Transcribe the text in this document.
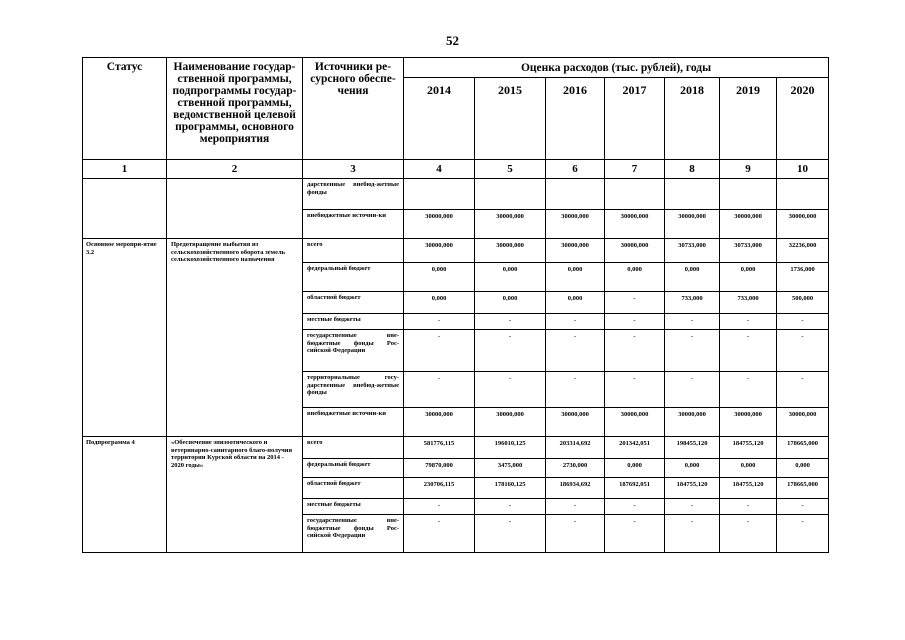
52
Статус	Наименование государ-ственной программы, подпрограммы государ-ственной программы, ведомственной целевой программы, основного мероприятия	Источники ре-сурсного обеспе-чения	Оценка расходов (тыс. рублей), годы						
			2014	2015	2016	2017	2018	2019	2020
1	2	3	4	5	6	7	8	9	10
		дарственные внебюд-жетные фонды							
		внебюджетные источни-ки	30000,000	30000,000	30000,000	30000,000	30000,000	30000,000	30000,000
Основное меропри-ятие 3.2	Предотвращение выбытия из сельскохозяйственного оборота земель сельскохозяйственного назначения	всего	30000,000	30000,000	30000,000	30000,000	30733,000	30733,000	32236,000
		федеральный бюджет	0,000	0,000	0,000	0,000	0,000	0,000	1736,000
		областной бюджет	0,000	0,000	0,000	-	733,000	733,000	500,000
		местные бюджеты	-	-	-	-	-	-	-
		государственные вне-бюджетные фонды Рос-сийской Федерации	-	-	-	-	-	-	-
		территориальные госу-дарственные внебюд-жетные фонды	-	-	-	-	-	-	-
		внебюджетные источни-ки	30000,000	30000,000	30000,000	30000,000	30000,000	30000,000	30000,000
Подпрограмма 4	«Обеспечение эпизоотического и ветеринарно-санитарного благо-получия территории Курской области на 2014 - 2020 годы»	всего	581776,115	196010,125	203314,692	201342,051	198455,120	184755,120	178665,000
		федеральный бюджет	79870,000	3475,000	2730,000	0,000	0,000	0,000	0,000
		областной бюджет	230706,115	178160,125	186934,692	187692,051	184755,120	184755,120	178665,000
		местные бюджеты	-	-	-	-	-	-	-
		государственные вне-бюджетные фонды Рос-сийской Федерации	-	-	-	-	-	-	-
